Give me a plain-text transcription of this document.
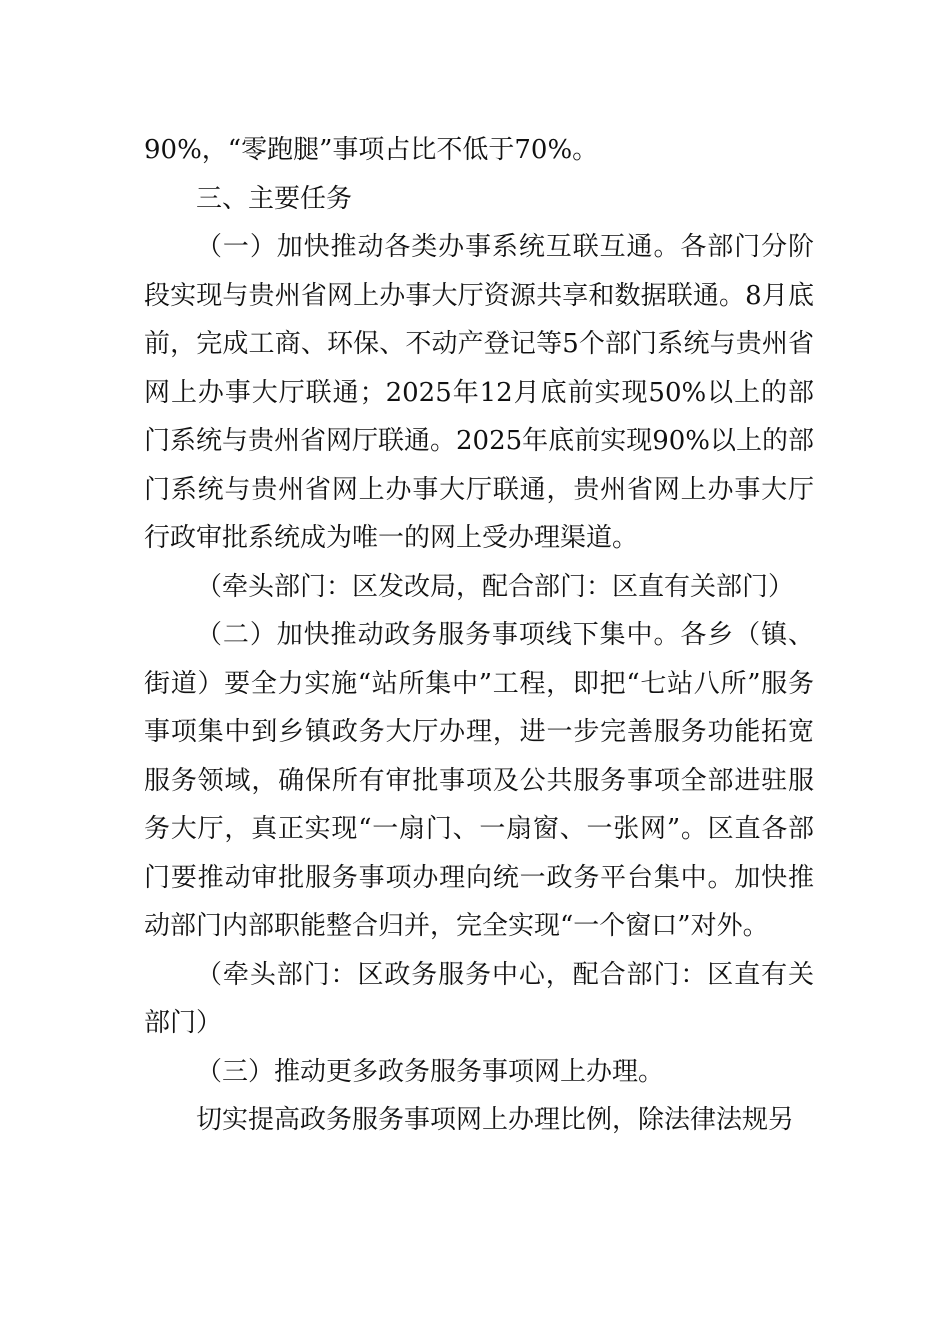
90%，“零跑腿”事项占比不低于70%。

三、主要任务

（一）加快推动各类办事系统互联互通。各部门分阶段实现与贵州省网上办事大厅资源共享和数据联通。8月底前，完成工商、环保、不动产登记等5个部门系统与贵州省网上办事大厅联通；2025年12月底前实现50%以上的部门系统与贵州省网厅联通。2025年底前实现90%以上的部门系统与贵州省网上办事大厅联通，贵州省网上办事大厅行政审批系统成为唯一的网上受办理渠道。

（牵头部门：区发改局，配合部门：区直有关部门）

（二）加快推动政务服务事项线下集中。各乡（镇、街道）要全力实施“站所集中”工程，即把“七站八所”服务事项集中到乡镇政务大厅办理，进一步完善服务功能拓宽服务领域，确保所有审批事项及公共服务事项全部进驻服务大厅，真正实现“一扇门、一扇窗、一张网”。区直各部门要推动审批服务事项办理向统一政务平台集中。加快推动部门内部职能整合归并，完全实现“一个窗口”对外。

（牵头部门：区政务服务中心，配合部门：区直有关部门）

（三）推动更多政务服务事项网上办理。

切实提高政务服务事项网上办理比例，除法律法规另
